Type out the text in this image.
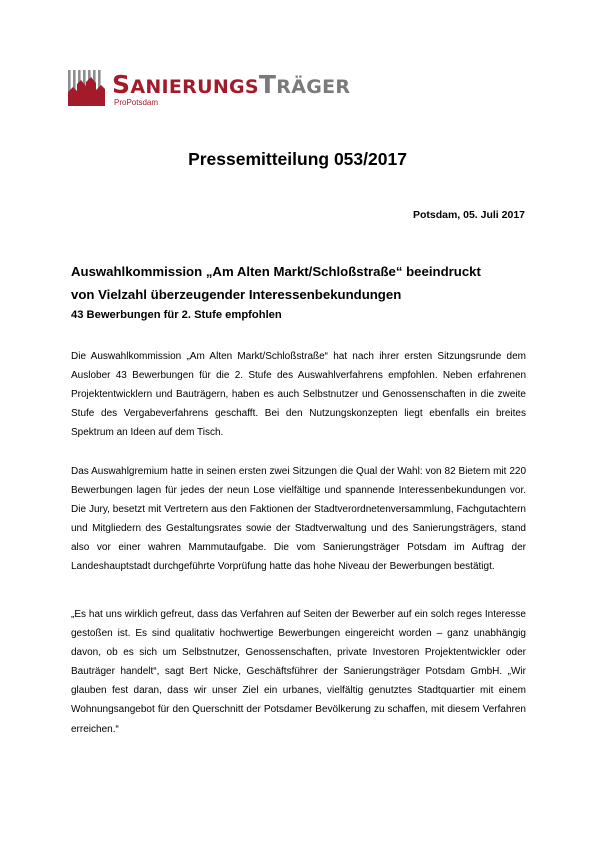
SANIERUNGSTRÄGER
ProPotsdam
Pressemitteilung 053/2017
Potsdam, 05. Juli 2017
Auswahlkommission „Am Alten Markt/Schloßstraße“ beeindruckt
von Vielzahl überzeugender Interessenbekundungen
43 Bewerbungen für 2. Stufe empfohlen

Die Auswahlkommission „Am Alten Markt/Schloßstraße“ hat nach ihrer ersten Sitzungsrunde dem Auslober 43 Bewerbungen für die 2. Stufe des Auswahlverfahrens empfohlen. Neben erfahrenen Projektentwicklern und Bauträgern, haben es auch Selbstnutzer und Genossenschaften in die zweite Stufe des Vergabeverfahrens geschafft. Bei den Nutzungskonzepten liegt ebenfalls ein breites Spektrum an Ideen auf dem Tisch.

Das Auswahlgremium hatte in seinen ersten zwei Sitzungen die Qual der Wahl: von 82 Bietern mit 220 Bewerbungen lagen für jedes der neun Lose vielfältige und spannende Interessenbekundungen vor. Die Jury, besetzt mit Vertretern aus den Faktionen der Stadtverordnetenversammlung, Fachgutachtern und Mitgliedern des Gestaltungsrates sowie der Stadtverwaltung und des Sanierungsträgers, stand also vor einer wahren Mammutaufgabe. Die vom Sanierungsträger Potsdam im Auftrag der Landeshauptstadt durchgeführte Vorprüfung hatte das hohe Niveau der Bewerbungen bestätigt.

„Es hat uns wirklich gefreut, dass das Verfahren auf Seiten der Bewerber auf ein solch reges Interesse gestoßen ist. Es sind qualitativ hochwertige Bewerbungen eingereicht worden – ganz unabhängig davon, ob es sich um Selbstnutzer, Genossenschaften, private Investoren Projektentwickler oder Bauträger handelt“, sagt Bert Nicke, Geschäftsführer der Sanierungsträger Potsdam GmbH. „Wir glauben fest daran, dass wir unser Ziel ein urbanes, vielfältig genutztes Stadtquartier mit einem Wohnungsangebot für den Querschnitt der Potsdamer Bevölkerung zu schaffen, mit diesem Verfahren erreichen.“
